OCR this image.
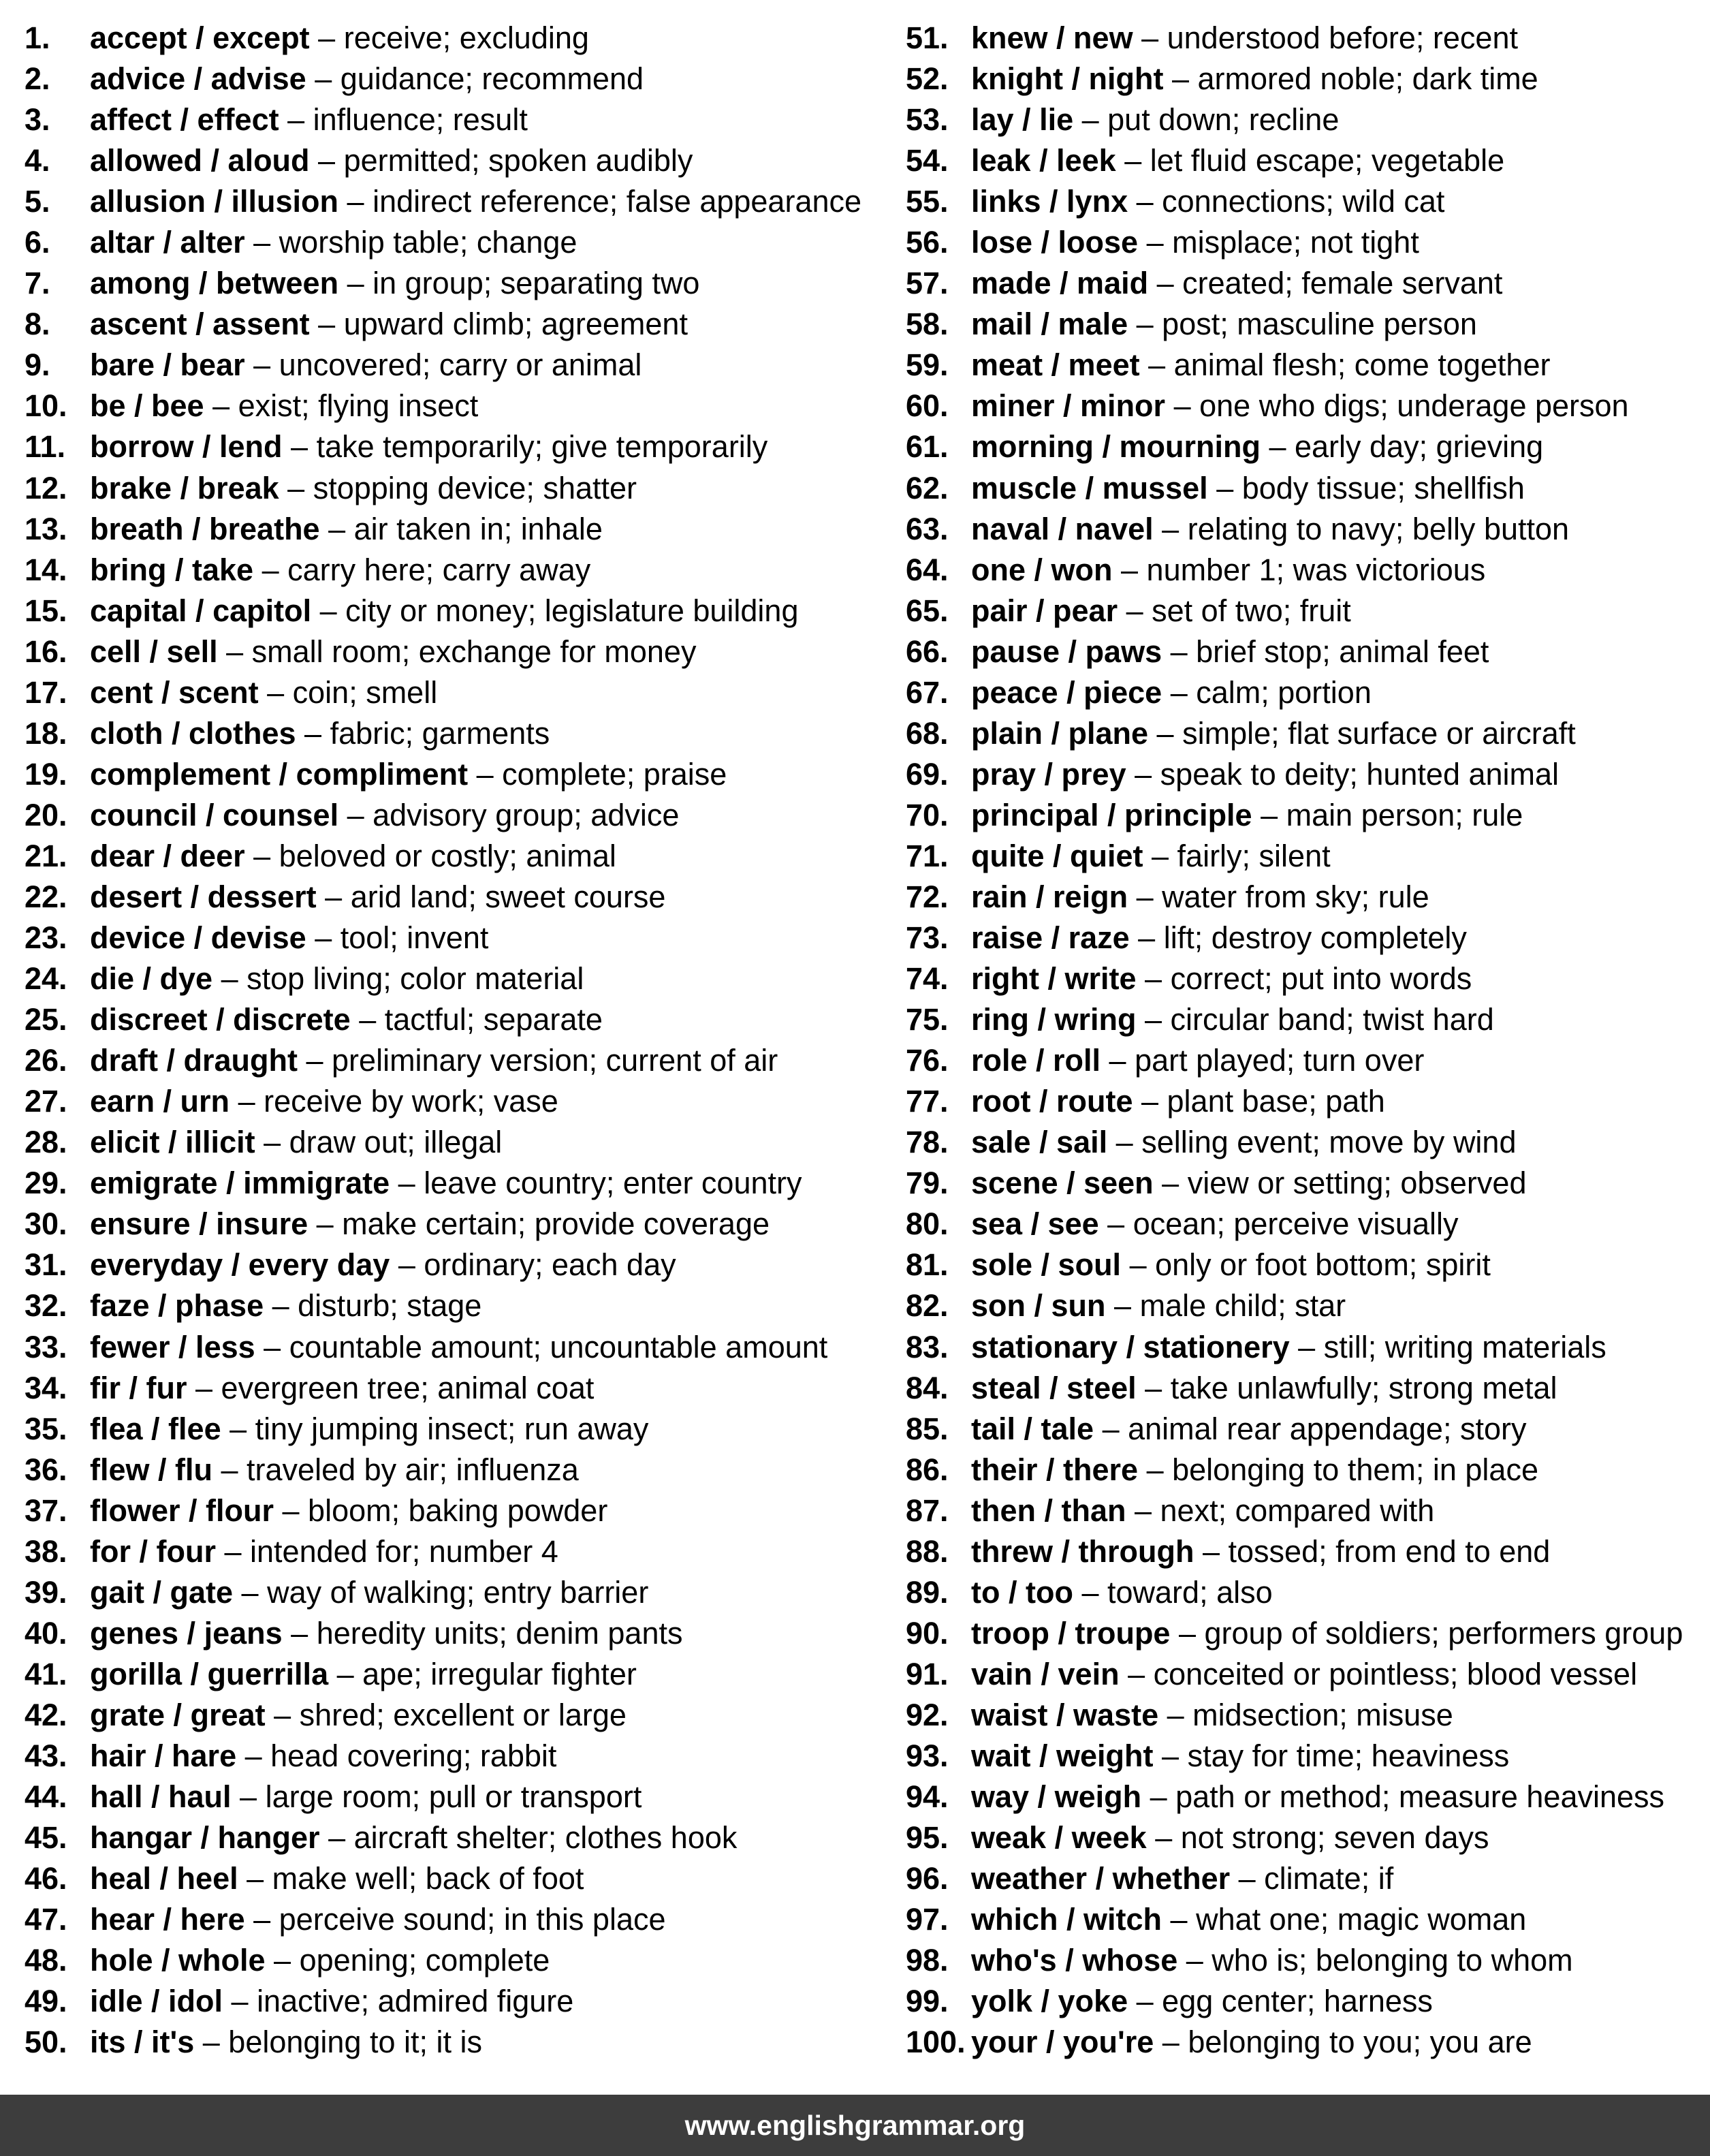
1.	accept / except – receive; excluding
2.	advice / advise – guidance; recommend
3.	affect / effect – influence; result
4.	allowed / aloud – permitted; spoken audibly
5.	allusion / illusion – indirect reference; false appearance
6.	altar / alter – worship table; change
7.	among / between – in group; separating two
8.	ascent / assent – upward climb; agreement
9.	bare / bear – uncovered; carry or animal
10. be / bee – exist; flying insect
11. borrow / lend – take temporarily; give temporarily
12. brake / break – stopping device; shatter
13. breath / breathe – air taken in; inhale
14. bring / take – carry here; carry away
15. capital / capitol – city or money; legislature building
16. cell / sell – small room; exchange for money
17. cent / scent – coin; smell
18. cloth / clothes – fabric; garments
19. complement / compliment – complete; praise
20. council / counsel – advisory group; advice
21. dear / deer – beloved or costly; animal
22. desert / dessert – arid land; sweet course
23. device / devise – tool; invent
24. die / dye – stop living; color material
25. discreet / discrete – tactful; separate
26. draft / draught – preliminary version; current of air
27. earn / urn – receive by work; vase
28. elicit / illicit – draw out; illegal
29. emigrate / immigrate – leave country; enter country
30. ensure / insure – make certain; provide coverage
31. everyday / every day – ordinary; each day
32. faze / phase – disturb; stage
33. fewer / less – countable amount; uncountable amount
34. fir / fur – evergreen tree; animal coat
35. flea / flee – tiny jumping insect; run away
36. flew / flu – traveled by air; influenza
37. flower / flour – bloom; baking powder
38. for / four – intended for; number 4
39. gait / gate – way of walking; entry barrier
40. genes / jeans – heredity units; denim pants
41. gorilla / guerrilla – ape; irregular fighter
42. grate / great – shred; excellent or large
43. hair / hare – head covering; rabbit
44. hall / haul – large room; pull or transport
45. hangar / hanger – aircraft shelter; clothes hook
46. heal / heel – make well; back of foot
47. hear / here – perceive sound; in this place
48. hole / whole – opening; complete
49. idle / idol – inactive; admired figure
50. its / it's – belonging to it; it is
51. knew / new – understood before; recent
52. knight / night – armored noble; dark time
53. lay / lie – put down; recline
54. leak / leek – let fluid escape; vegetable
55. links / lynx – connections; wild cat
56. lose / loose – misplace; not tight
57. made / maid – created; female servant
58. mail / male – post; masculine person
59. meat / meet – animal flesh; come together
60. miner / minor – one who digs; underage person
61. morning / mourning – early day; grieving
62. muscle / mussel – body tissue; shellfish
63. naval / navel – relating to navy; belly button
64. one / won – number 1; was victorious
65. pair / pear – set of two; fruit
66. pause / paws – brief stop; animal feet
67. peace / piece – calm; portion
68. plain / plane – simple; flat surface or aircraft
69. pray / prey – speak to deity; hunted animal
70. principal / principle – main person; rule
71. quite / quiet – fairly; silent
72. rain / reign – water from sky; rule
73. raise / raze – lift; destroy completely
74. right / write – correct; put into words
75. ring / wring – circular band; twist hard
76. role / roll – part played; turn over
77. root / route – plant base; path
78. sale / sail – selling event; move by wind
79. scene / seen – view or setting; observed
80. sea / see – ocean; perceive visually
81. sole / soul – only or foot bottom; spirit
82. son / sun – male child; star
83. stationary / stationery – still; writing materials
84. steal / steel – take unlawfully; strong metal
85. tail / tale – animal rear appendage; story
86. their / there – belonging to them; in place
87. then / than – next; compared with
88. threw / through – tossed; from end to end
89. to / too – toward; also
90. troop / troupe – group of soldiers; performers group
91. vain / vein – conceited or pointless; blood vessel
92. waist / waste – midsection; misuse
93. wait / weight – stay for time; heaviness
94. way / weigh – path or method; measure heaviness
95. weak / week – not strong; seven days
96. weather / whether – climate; if
97. which / witch – what one; magic woman
98. who's / whose – who is; belonging to whom
99. yolk / yoke – egg center; harness
100. your / you're – belonging to you; you are
www.englishgrammar.org
